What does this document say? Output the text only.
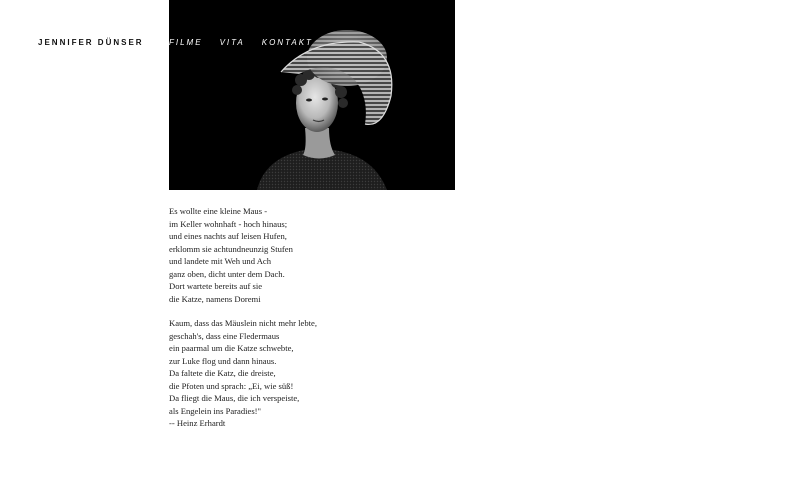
JENNIFER DÜNSER	FILME VITA KONTAKT

Es wollte eine kleine Maus -
im Keller wohnhaft - hoch hinaus;
und eines nachts auf leisen Hufen,
erklomm sie achtundneunzig Stufen
und landete mit Weh und Ach
ganz oben, dicht unter dem Dach.
Dort wartete bereits auf sie
die Katze, namens Doremi

Kaum, dass das Mäuslein nicht mehr lebte,
geschah's, dass eine Fledermaus
ein paarmal um die Katze schwebte,
zur Luke flog und dann hinaus.
Da faltete die Katz, die dreiste,
die Pfoten und sprach: „Ei, wie süß!
Da fliegt die Maus, die ich verspeiste,
als Engelein ins Paradies!"
-- Heinz Erhardt
